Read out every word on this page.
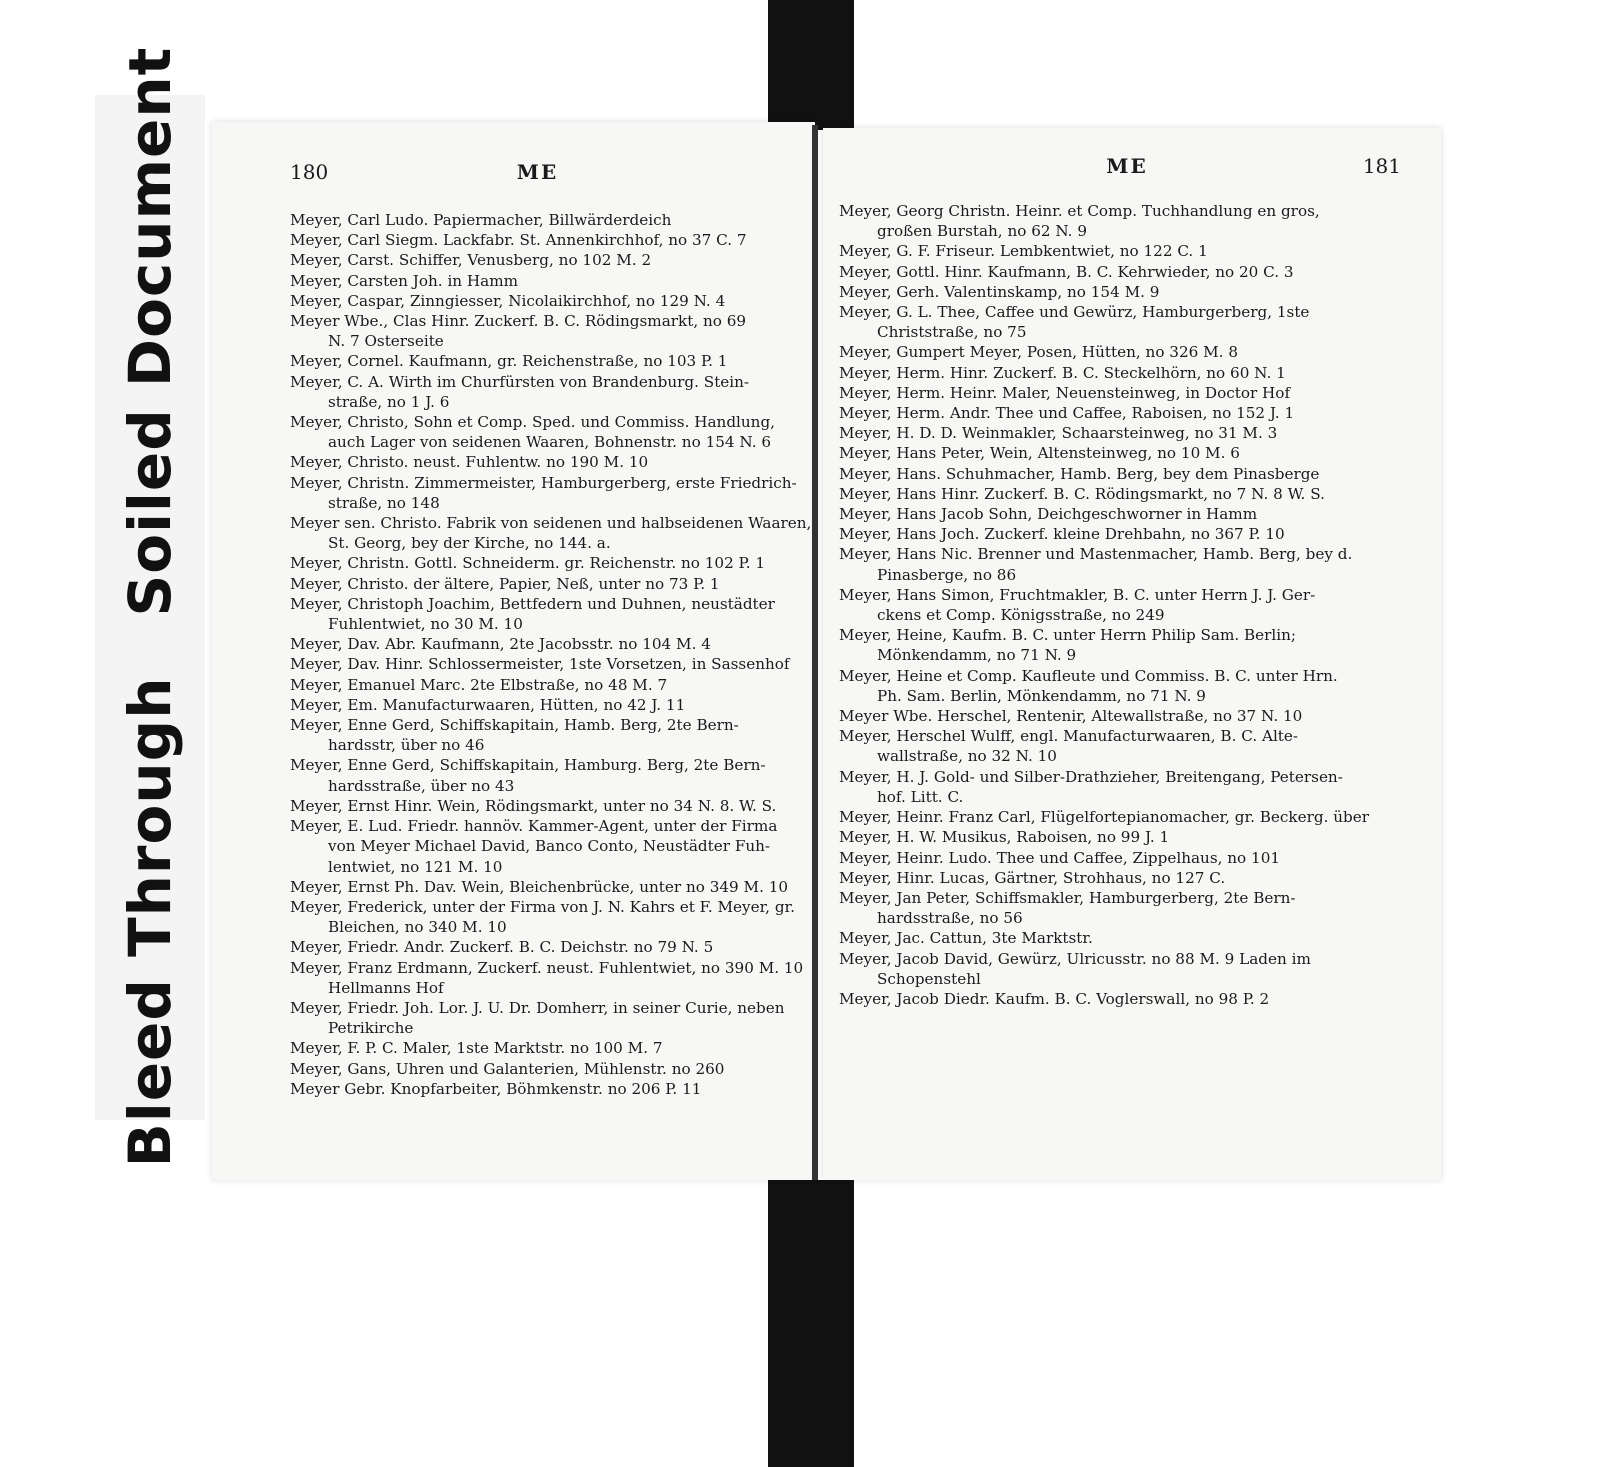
Bleed ThroughSoiled Document	180	ME
Meyer, Carl Ludo. Papiermacher, Billwärderdeich
Meyer, Carl Siegm. Lackfabr. St. Annenkirchhof, no 37 C. 7
Meyer, Carst. Schiffer, Venusberg, no 102 M. 2
Meyer, Carsten Joh. in Hamm
Meyer, Caspar, Zinngiesser, Nicolaikirchhof, no 129 N. 4
Meyer Wbe., Clas Hinr. Zuckerf. B. C. Rödingsmarkt, no 69
N. 7 Osterseite
Meyer, Cornel. Kaufmann, gr. Reichenstraße, no 103 P. 1
Meyer, C. A. Wirth im Churfürsten von Brandenburg. Stein-
straße, no 1 J. 6
Meyer, Christo, Sohn et Comp. Sped. und Commiss. Handlung,
auch Lager von seidenen Waaren, Bohnenstr. no 154 N. 6
Meyer, Christo. neust. Fuhlentw. no 190 M. 10
Meyer, Christn. Zimmermeister, Hamburgerberg, erste Friedrich-
straße, no 148
Meyer sen. Christo. Fabrik von seidenen und halbseidenen Waaren,
St. Georg, bey der Kirche, no 144. a.
Meyer, Christn. Gottl. Schneiderm. gr. Reichenstr. no 102 P. 1
Meyer, Christo. der ältere, Papier, Neß, unter no 73 P. 1
Meyer, Christoph Joachim, Bettfedern und Duhnen, neustädter
Fuhlentwiet, no 30 M. 10
Meyer, Dav. Abr. Kaufmann, 2te Jacobsstr. no 104 M. 4
Meyer, Dav. Hinr. Schlossermeister, 1ste Vorsetzen, in Sassenhof
Meyer, Emanuel Marc. 2te Elbstraße, no 48 M. 7
Meyer, Em. Manufacturwaaren, Hütten, no 42 J. 11
Meyer, Enne Gerd, Schiffskapitain, Hamb. Berg, 2te Bern-
hardsstr, über no 46
Meyer, Enne Gerd, Schiffskapitain, Hamburg. Berg, 2te Bern-
hardsstraße, über no 43
Meyer, Ernst Hinr. Wein, Rödingsmarkt, unter no 34 N. 8. W. S.
Meyer, E. Lud. Friedr. hannöv. Kammer-Agent, unter der Firma
von Meyer Michael David, Banco Conto, Neustädter Fuh-
lentwiet, no 121 M. 10
Meyer, Ernst Ph. Dav. Wein, Bleichenbrücke, unter no 349 M. 10
Meyer, Frederick, unter der Firma von J. N. Kahrs et F. Meyer, gr.
Bleichen, no 340 M. 10
Meyer, Friedr. Andr. Zuckerf. B. C. Deichstr. no 79 N. 5
Meyer, Franz Erdmann, Zuckerf. neust. Fuhlentwiet, no 390 M. 10
Hellmanns Hof
Meyer, Friedr. Joh. Lor. J. U. Dr. Domherr, in seiner Curie, neben
Petrikirche
Meyer, F. P. C. Maler, 1ste Marktstr. no 100 M. 7
Meyer, Gans, Uhren und Galanterien, Mühlenstr. no 260
Meyer Gebr. Knopfarbeiter, Böhmkenstr. no 206 P. 11
ME	181
Meyer, Georg Christn. Heinr. et Comp. Tuchhandlung en gros,
großen Burstah, no 62 N. 9
Meyer, G. F. Friseur. Lembkentwiet, no 122 C. 1
Meyer, Gottl. Hinr. Kaufmann, B. C. Kehrwieder, no 20 C. 3
Meyer, Gerh. Valentinskamp, no 154 M. 9
Meyer, G. L. Thee, Caffee und Gewürz, Hamburgerberg, 1ste
Christstraße, no 75
Meyer, Gumpert Meyer, Posen, Hütten, no 326 M. 8
Meyer, Herm. Hinr. Zuckerf. B. C. Steckelhörn, no 60 N. 1
Meyer, Herm. Heinr. Maler, Neuensteinweg, in Doctor Hof
Meyer, Herm. Andr. Thee und Caffee, Raboisen, no 152 J. 1
Meyer, H. D. D. Weinmakler, Schaarsteinweg, no 31 M. 3
Meyer, Hans Peter, Wein, Altensteinweg, no 10 M. 6
Meyer, Hans. Schuhmacher, Hamb. Berg, bey dem Pinasberge
Meyer, Hans Hinr. Zuckerf. B. C. Rödingsmarkt, no 7 N. 8 W. S.
Meyer, Hans Jacob Sohn, Deichgeschworner in Hamm
Meyer, Hans Joch. Zuckerf. kleine Drehbahn, no 367 P. 10
Meyer, Hans Nic. Brenner und Mastenmacher, Hamb. Berg, bey d.
Pinasberge, no 86
Meyer, Hans Simon, Fruchtmakler, B. C. unter Herrn J. J. Ger-
ckens et Comp. Königsstraße, no 249
Meyer, Heine, Kaufm. B. C. unter Herrn Philip Sam. Berlin;
Mönkendamm, no 71 N. 9
Meyer, Heine et Comp. Kaufleute und Commiss. B. C. unter Hrn.
Ph. Sam. Berlin, Mönkendamm, no 71 N. 9
Meyer Wbe. Herschel, Rentenir, Altewallstraße, no 37 N. 10
Meyer, Herschel Wulff, engl. Manufacturwaaren, B. C. Alte-
wallstraße, no 32 N. 10
Meyer, H. J. Gold- und Silber-Drathzieher, Breitengang, Petersen-
hof. Litt. C.
Meyer, Heinr. Franz Carl, Flügelfortepianomacher, gr. Beckerg. über
Meyer, H. W. Musikus, Raboisen, no 99 J. 1
Meyer, Heinr. Ludo. Thee und Caffee, Zippelhaus, no 101
Meyer, Hinr. Lucas, Gärtner, Strohhaus, no 127 C.
Meyer, Jan Peter, Schiffsmakler, Hamburgerberg, 2te Bern-
hardsstraße, no 56
Meyer, Jac. Cattun, 3te Marktstr.
Meyer, Jacob David, Gewürz, Ulricusstr. no 88 M. 9 Laden im
Schopenstehl
Meyer, Jacob Diedr. Kaufm. B. C. Voglerswall, no 98 P. 2
